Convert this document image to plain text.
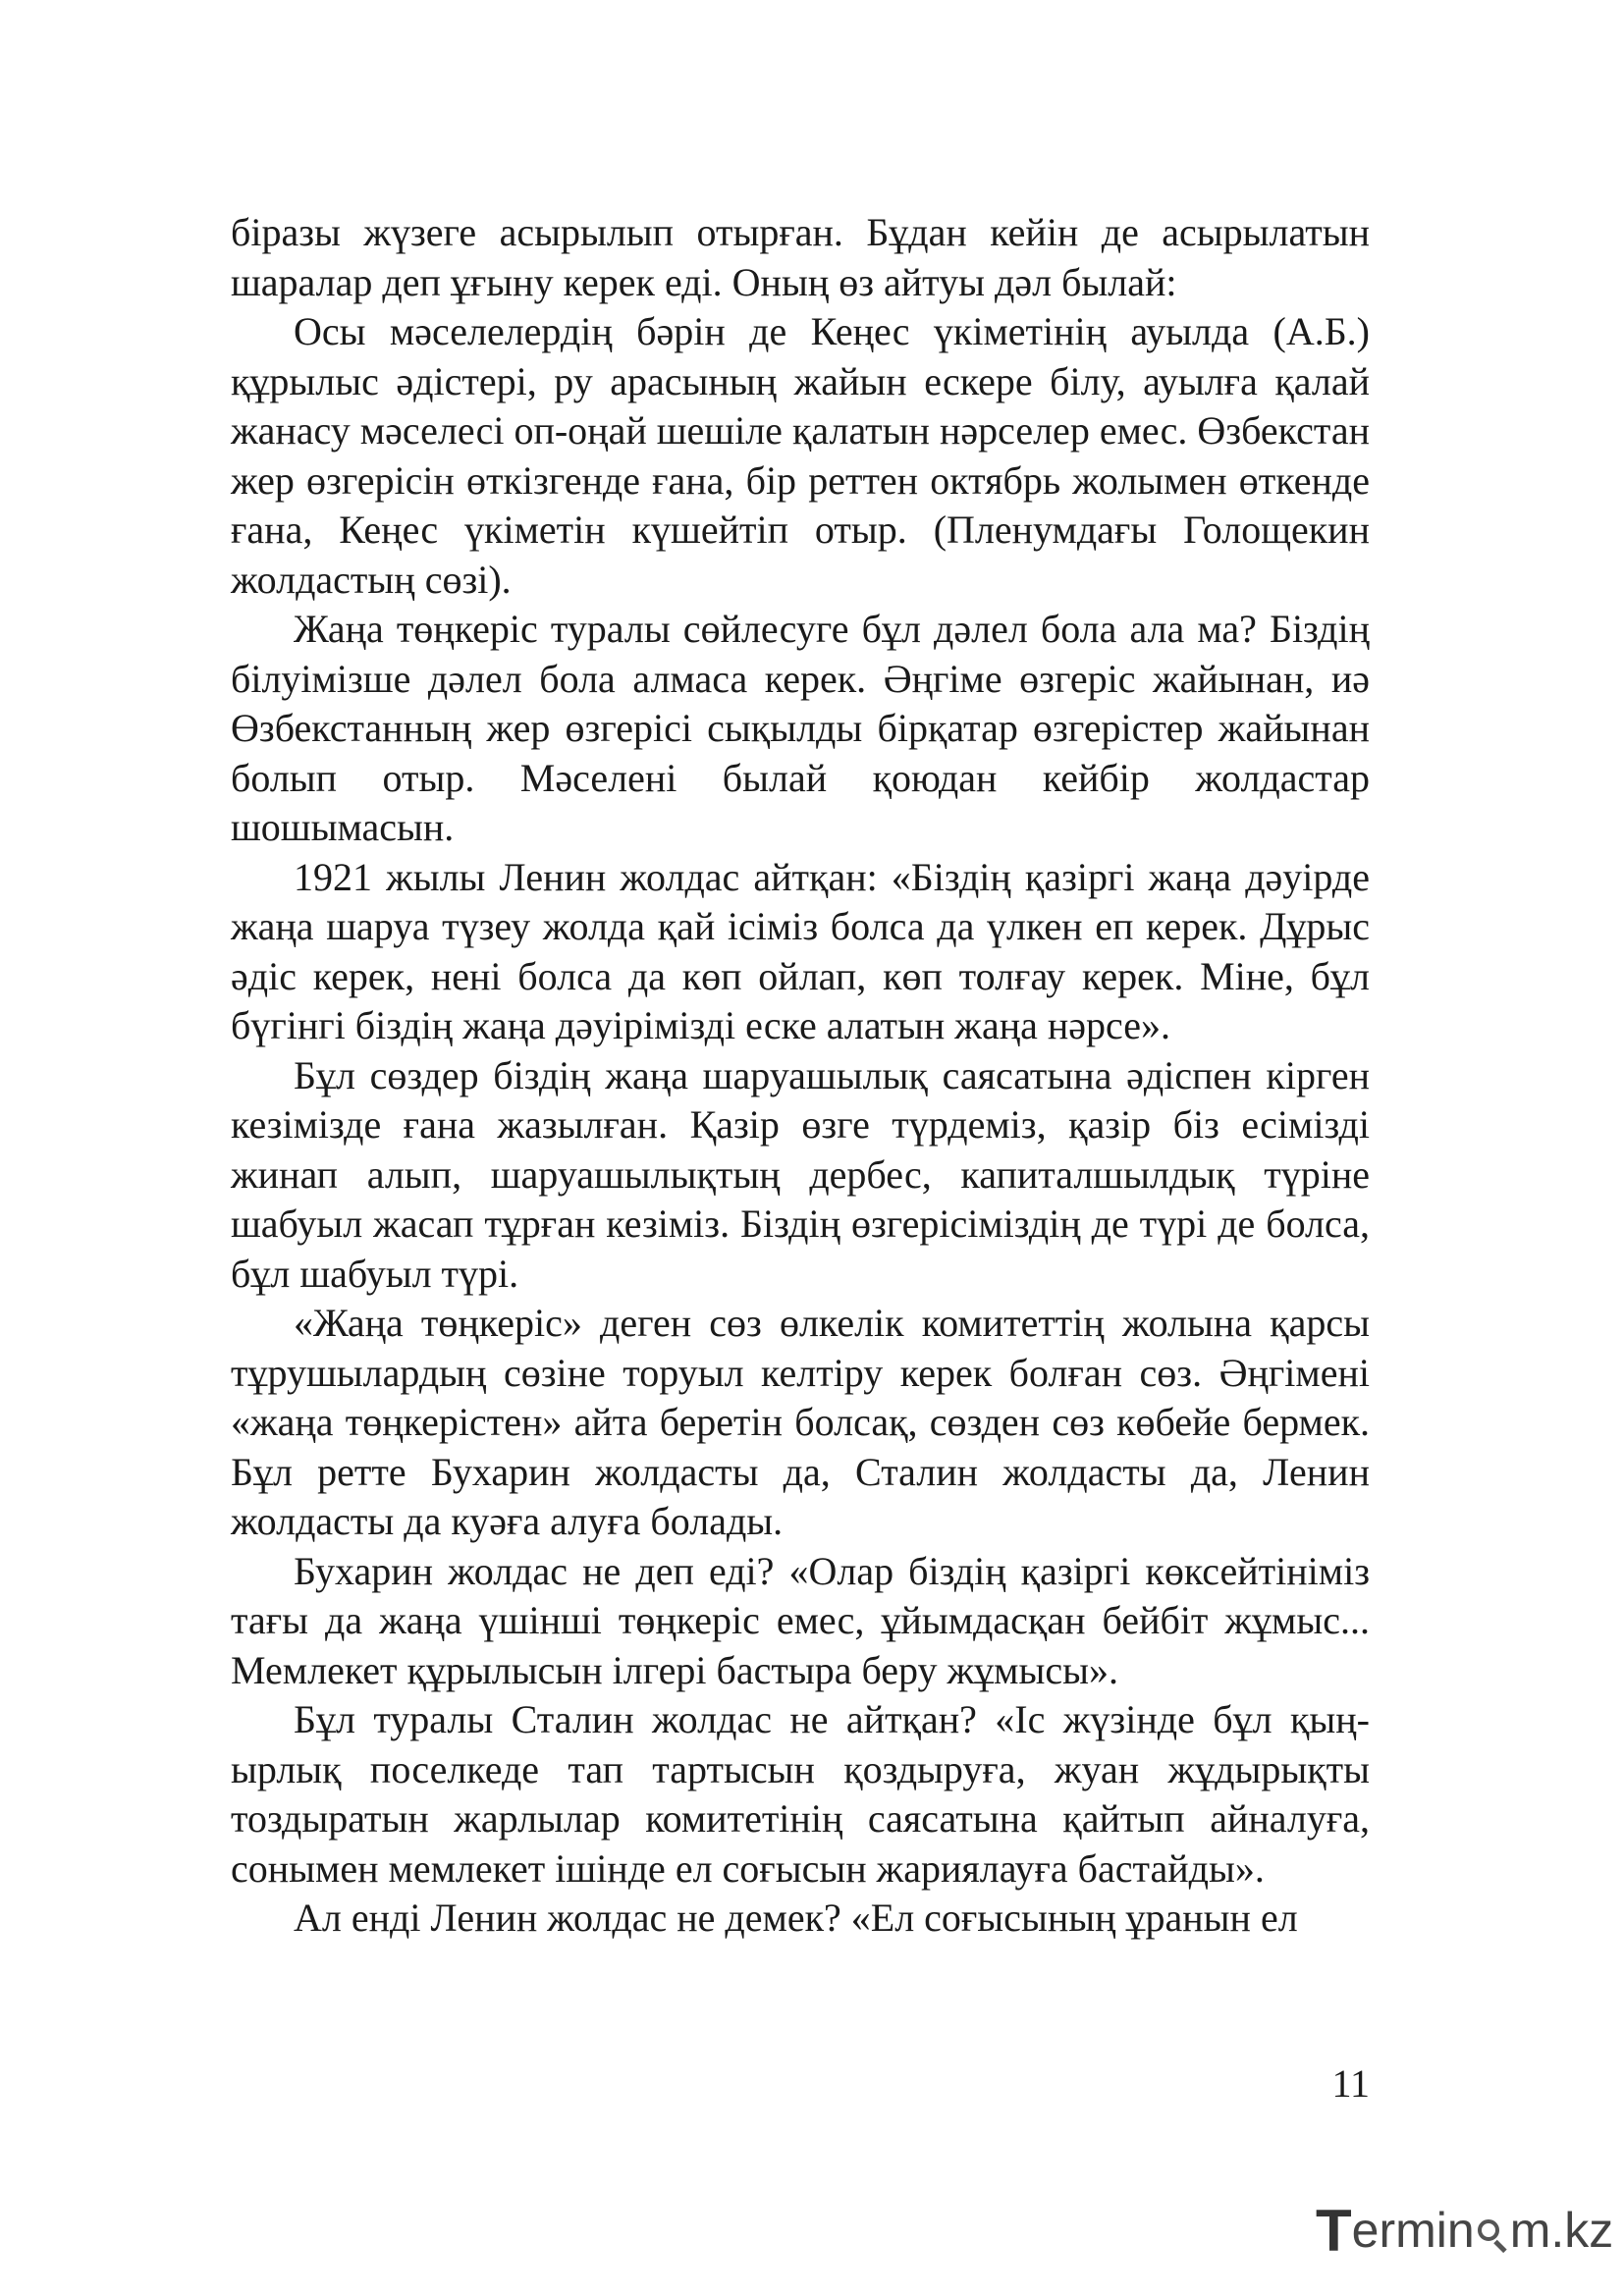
біразы жүзеге асырылып отырған. Бұдан кейін де асырылатын шаралар деп ұғыну керек еді. Оның өз айтуы дәл былай:

Осы мәселелердің бәрін де Кеңес үкіметінің ауылда (А.Б.) құрылыс әдістері, ру арасының жайын ескере білу, ауылға қалай жанасу мәселесі оп-оңай шешіле қалатын нәрселер емес. Өзбекстан жер өзгерісін өткізгенде ғана, бір реттен октябрь жолымен өткенде ғана, Кеңес үкіметін күшейтіп отыр. (Пленумдағы Голощекин жолдастың сөзі).

Жаңа төңкеріс туралы сөйлесуге бұл дәлел бола ала ма? Біздің білуімізше дәлел бола алмаса керек. Әңгіме өзгеріс жайынан, иә Өзбекстанның жер өзгерісі сықылды бірқатар өзгерістер жайынан болып отыр. Мәселені былай қоюдан кейбір жолдастар шошымасын.

1921 жылы Ленин жолдас айтқан: «Біздің қазіргі жаңа дәуірде жаңа шаруа түзеу жолда қай ісіміз болса да үлкен еп керек. Дұрыс әдіс керек, нені болса да көп ойлап, көп толғау керек. Міне, бұл бүгінгі біздің жаңа дәуіріміздi еске алатын жаңа нәрсе».

Бұл сөздер біздің жаңа шаруашылық саясатына әдіспен кірген кезімізде ғана жазылған. Қазір өзге түрдеміз, қазір біз есімізді жинап алып, шаруашылықтың дербес, капиталшылдық түріне шабуыл жасап тұрған кезіміз. Біздің өзгерісіміздің де түрі де болса, бұл шабуыл түрі.

«Жаңа төңкеріс» деген сөз өлкелік комитеттің жолына қарсы тұрушылардың сөзіне торуыл келтіру керек болған сөз. Әңгімені «жаңа төңкерістен» айта беретін болсақ, сөзден сөз көбейе бермек. Бұл ретте Бухарин жолдасты да, Сталин жолдасты да, Ленин жолдасты да куәға алуға болады.

Бухарин жолдас не деп еді? «Олар біздің қазіргі көксейтініміз тағы да жаңа үшінші төңкеріс емес, ұйымдасқан бейбіт жұмыс... Мемлекет құрылысын ілгері бастыра беру жұмысы».

Бұл туралы Сталин жолдас не айтқан? «Іс жүзінде бұл қыңырлық поселкеде тап тартысын қоздыруға, жуан жұдырықты тоздыратын жарлылар комитетінің саясатына қайтып айналуға, сонымен мемлекет ішінде ел соғысын жариялауға бастайды».

Ал енді Ленин жолдас не демек? «Ел соғысының ұранын ел

11
T ermin m.kz
